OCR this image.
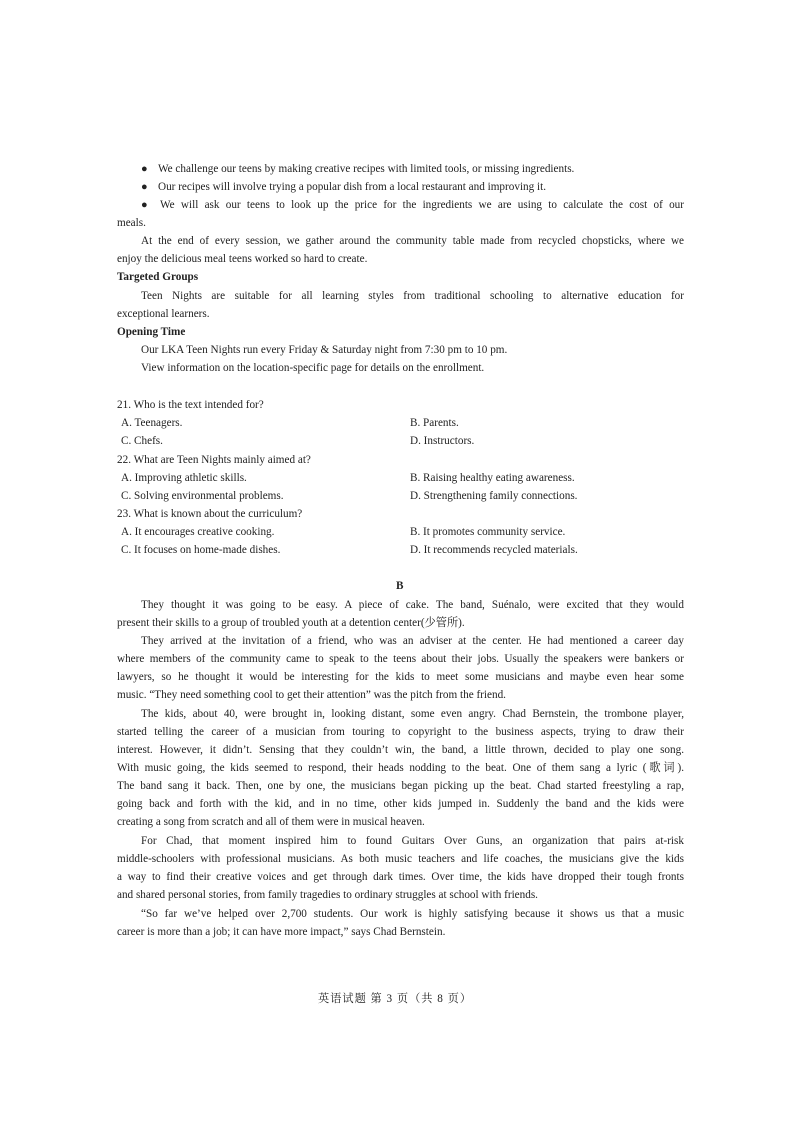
● We challenge our teens by making creative recipes with limited tools, or missing ingredients.
● Our recipes will involve trying a popular dish from a local restaurant and improving it.
● We will ask our teens to look up the price for the ingredients we are using to calculate the cost of our
meals.
At the end of every session, we gather around the community table made from recycled chopsticks, where we
enjoy the delicious meal teens worked so hard to create.
Targeted Groups
Teen Nights are suitable for all learning styles from traditional schooling to alternative education for
exceptional learners.
Opening Time
Our LKA Teen Nights run every Friday & Saturday night from 7:30 pm to 10 pm.
View information on the location-specific page for details on the enrollment.
21. Who is the text intended for?
A. Teenagers.	B. Parents.
C. Chefs.	D. Instructors.
22. What are Teen Nights mainly aimed at?
A. Improving athletic skills.	B. Raising healthy eating awareness.
C. Solving environmental problems.	D. Strengthening family connections.
23. What is known about the curriculum?
A. It encourages creative cooking.	B. It promotes community service.
C. It focuses on home-made dishes.	D. It recommends recycled materials.
B
They thought it was going to be easy. A piece of cake. The band, Suénalo, were excited that they would
present their skills to a group of troubled youth at a detention center(少管所).
They arrived at the invitation of a friend, who was an adviser at the center. He had mentioned a career day
where members of the community came to speak to the teens about their jobs. Usually the speakers were bankers or
lawyers, so he thought it would be interesting for the kids to meet some musicians and maybe even hear some
music. “They need something cool to get their attention” was the pitch from the friend.
The kids, about 40, were brought in, looking distant, some even angry. Chad Bernstein, the trombone player,
started telling the career of a musician from touring to copyright to the business aspects, trying to draw their
interest. However, it didn’t. Sensing that they couldn’t win, the band, a little thrown, decided to play one song.
With music going, the kids seemed to respond, their heads nodding to the beat. One of them sang a lyric (歌词).
The band sang it back. Then, one by one, the musicians began picking up the beat. Chad started freestyling a rap,
going back and forth with the kid, and in no time, other kids jumped in. Suddenly the band and the kids were
creating a song from scratch and all of them were in musical heaven.
For Chad, that moment inspired him to found Guitars Over Guns, an organization that pairs at-risk
middle-schoolers with professional musicians. As both music teachers and life coaches, the musicians give the kids
a way to find their creative voices and get through dark times. Over time, the kids have dropped their tough fronts
and shared personal stories, from family tragedies to ordinary struggles at school with friends.
“So far we’ve helped over 2,700 students. Our work is highly satisfying because it shows us that a music
career is more than a job; it can have more impact,” says Chad Bernstein.
英语试题 第 3 页（共 8 页）
